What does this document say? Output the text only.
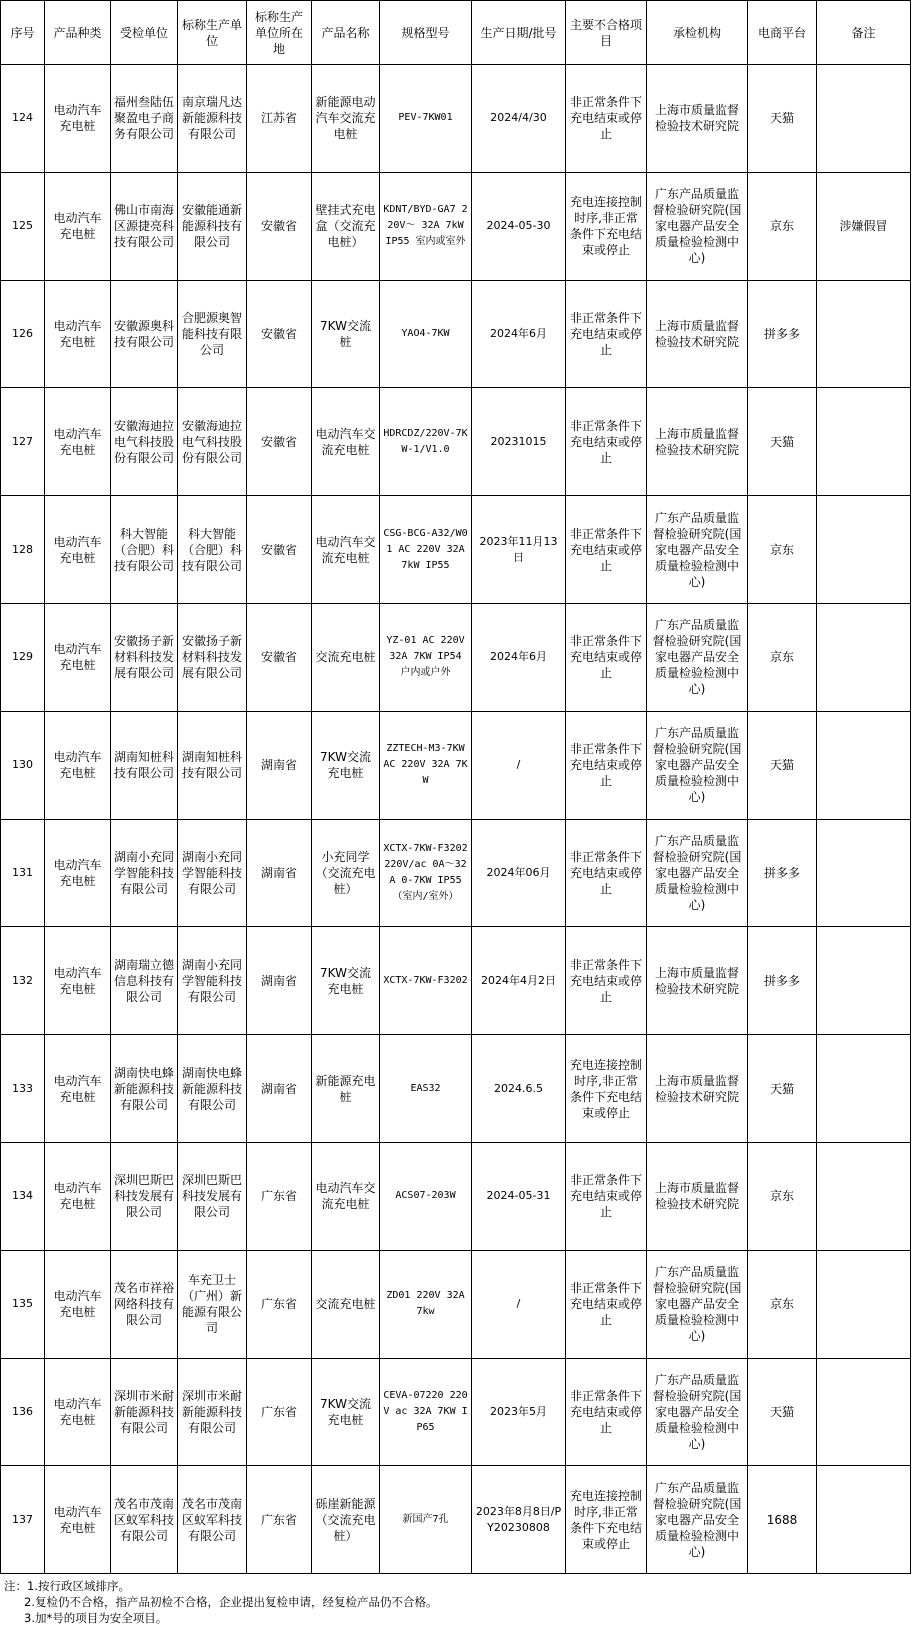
序号	产品种类	受检单位	标称生产单位	标称生产单位所在地	产品名称	规格型号	生产日期/批号	主要不合格项目	承检机构	电商平台	备注
124	电动汽车充电桩	福州叁陆伍聚盈电子商务有限公司	南京瑞凡达新能源科技有限公司	江苏省	新能源电动汽车交流充电桩	PEV-7KW01	2024/4/30	非正常条件下充电结束或停止	上海市质量监督检验技术研究院	天猫	
125	电动汽车充电桩	佛山市南海区源捷亮科技有限公司	安徽能通新能源科技有限公司	安徽省	壁挂式充电盒（交流充电桩）	KDNT/BYD-GA7 220V～ 32A 7kW IP55 室内或室外	2024-05-30	充电连接控制时序,非正常条件下充电结束或停止	广东产品质量监督检验研究院(国家电器产品安全质量检验检测中心)	京东	涉嫌假冒
126	电动汽车充电桩	安徽源奥科技有限公司	合肥源奥智能科技有限公司	安徽省	7KW交流桩	YAO4-7KW	2024年6月	非正常条件下充电结束或停止	上海市质量监督检验技术研究院	拼多多	
127	电动汽车充电桩	安徽海迪拉电气科技股份有限公司	安徽海迪拉电气科技股份有限公司	安徽省	电动汽车交流充电桩	HDRCDZ/220V-7KW-1/V1.0	20231015	非正常条件下充电结束或停止	上海市质量监督检验技术研究院	天猫	
128	电动汽车充电桩	科大智能（合肥）科技有限公司	科大智能（合肥）科技有限公司	安徽省	电动汽车交流充电桩	CSG-BCG-A32/W01 AC 220V 32A 7kW IP55	2023年11月13日	非正常条件下充电结束或停止	广东产品质量监督检验研究院(国家电器产品安全质量检验检测中心)	京东	
129	电动汽车充电桩	安徽扬子新材料科技发展有限公司	安徽扬子新材料科技发展有限公司	安徽省	交流充电桩	YZ-01 AC 220V 32A 7KW IP54 户内或户外	2024年6月	非正常条件下充电结束或停止	广东产品质量监督检验研究院(国家电器产品安全质量检验检测中心)	京东	
130	电动汽车充电桩	湖南知桩科技有限公司	湖南知桩科技有限公司	湖南省	7KW交流充电桩	ZZTECH-M3-7KW AC 220V 32A 7KW	/	非正常条件下充电结束或停止	广东产品质量监督检验研究院(国家电器产品安全质量检验检测中心)	天猫	
131	电动汽车充电桩	湖南小充同学智能科技有限公司	湖南小充同学智能科技有限公司	湖南省	小充同学（交流充电桩）	XCTX-7KW-F3202 220V/ac 0A～32A 0-7KW IP55（室内/室外）	2024年06月	非正常条件下充电结束或停止	广东产品质量监督检验研究院(国家电器产品安全质量检验检测中心)	拼多多	
132	电动汽车充电桩	湖南瑞立德信息科技有限公司	湖南小充同学智能科技有限公司	湖南省	7KW交流充电桩	XCTX-7KW-F3202	2024年4月2日	非正常条件下充电结束或停止	上海市质量监督检验技术研究院	拼多多	
133	电动汽车充电桩	湖南快电蜂新能源科技有限公司	湖南快电蜂新能源科技有限公司	湖南省	新能源充电桩	EAS32	2024.6.5	充电连接控制时序,非正常条件下充电结束或停止	上海市质量监督检验技术研究院	天猫	
134	电动汽车充电桩	深圳巴斯巴科技发展有限公司	深圳巴斯巴科技发展有限公司	广东省	电动汽车交流充电桩	ACS07-203W	2024-05-31	非正常条件下充电结束或停止	上海市质量监督检验技术研究院	京东	
135	电动汽车充电桩	茂名市祥裕网络科技有限公司	车充卫士（广州）新能源有限公司	广东省	交流充电桩	ZD01 220V 32A 7kw	/	非正常条件下充电结束或停止	广东产品质量监督检验研究院(国家电器产品安全质量检验检测中心)	京东	
136	电动汽车充电桩	深圳市米耐新能源科技有限公司	深圳市米耐新能源科技有限公司	广东省	7KW交流充电桩	CEVA-07220 220V ac 32A 7KW IP65	2023年5月	非正常条件下充电结束或停止	广东产品质量监督检验研究院(国家电器产品安全质量检验检测中心)	天猫	
137	电动汽车充电桩	茂名市茂南区蚁军科技有限公司	茂名市茂南区蚁军科技有限公司	广东省	砾崖新能源（交流充电桩）	新国产7孔	2023年8月8日/PY20230808	充电连接控制时序,非正常条件下充电结束或停止	广东产品质量监督检验研究院(国家电器产品安全质量检验检测中心)	1688	
注：1.按行政区域排序。
2.复检仍不合格，指产品初检不合格，企业提出复检申请，经复检产品仍不合格。
3.加*号的项目为安全项目。
